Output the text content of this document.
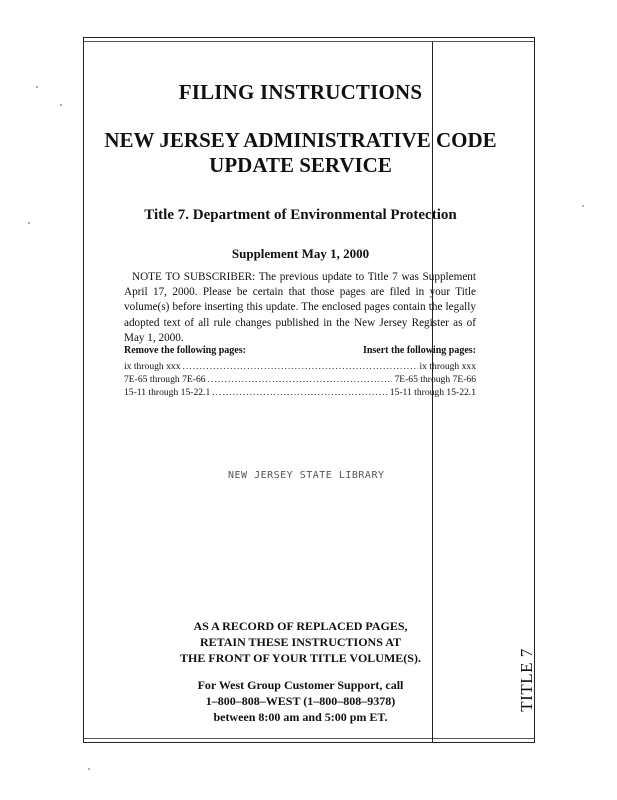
TITLE 7
FILING INSTRUCTIONS
NEW JERSEY ADMINISTRATIVE CODE
UPDATE SERVICE
Title 7. Department of Environmental Protection
Supplement May 1, 2000
NOTE TO SUBSCRIBER: The previous update to Title 7 was Supplement April 17, 2000. Please be certain that those pages are filed in your Title volume(s) before inserting this update. The enclosed pages contain the legally adopted text of all rule changes published in the New Jersey Register as of May 1, 2000.
Remove the following pages:	Insert the following pages:
ix through xxx .....	ix through xxx
7E-65 through 7E-66 .....	7E-65 through 7E-66
15-11 through 15-22.1 .....	15-11 through 15-22.1
NEW JERSEY STATE LIBRARY
AS A RECORD OF REPLACED PAGES,
RETAIN THESE INSTRUCTIONS AT
THE FRONT OF YOUR TITLE VOLUME(S).
For West Group Customer Support, call
1–800–808–WEST (1–800–808–9378)
between 8:00 am and 5:00 pm ET.
